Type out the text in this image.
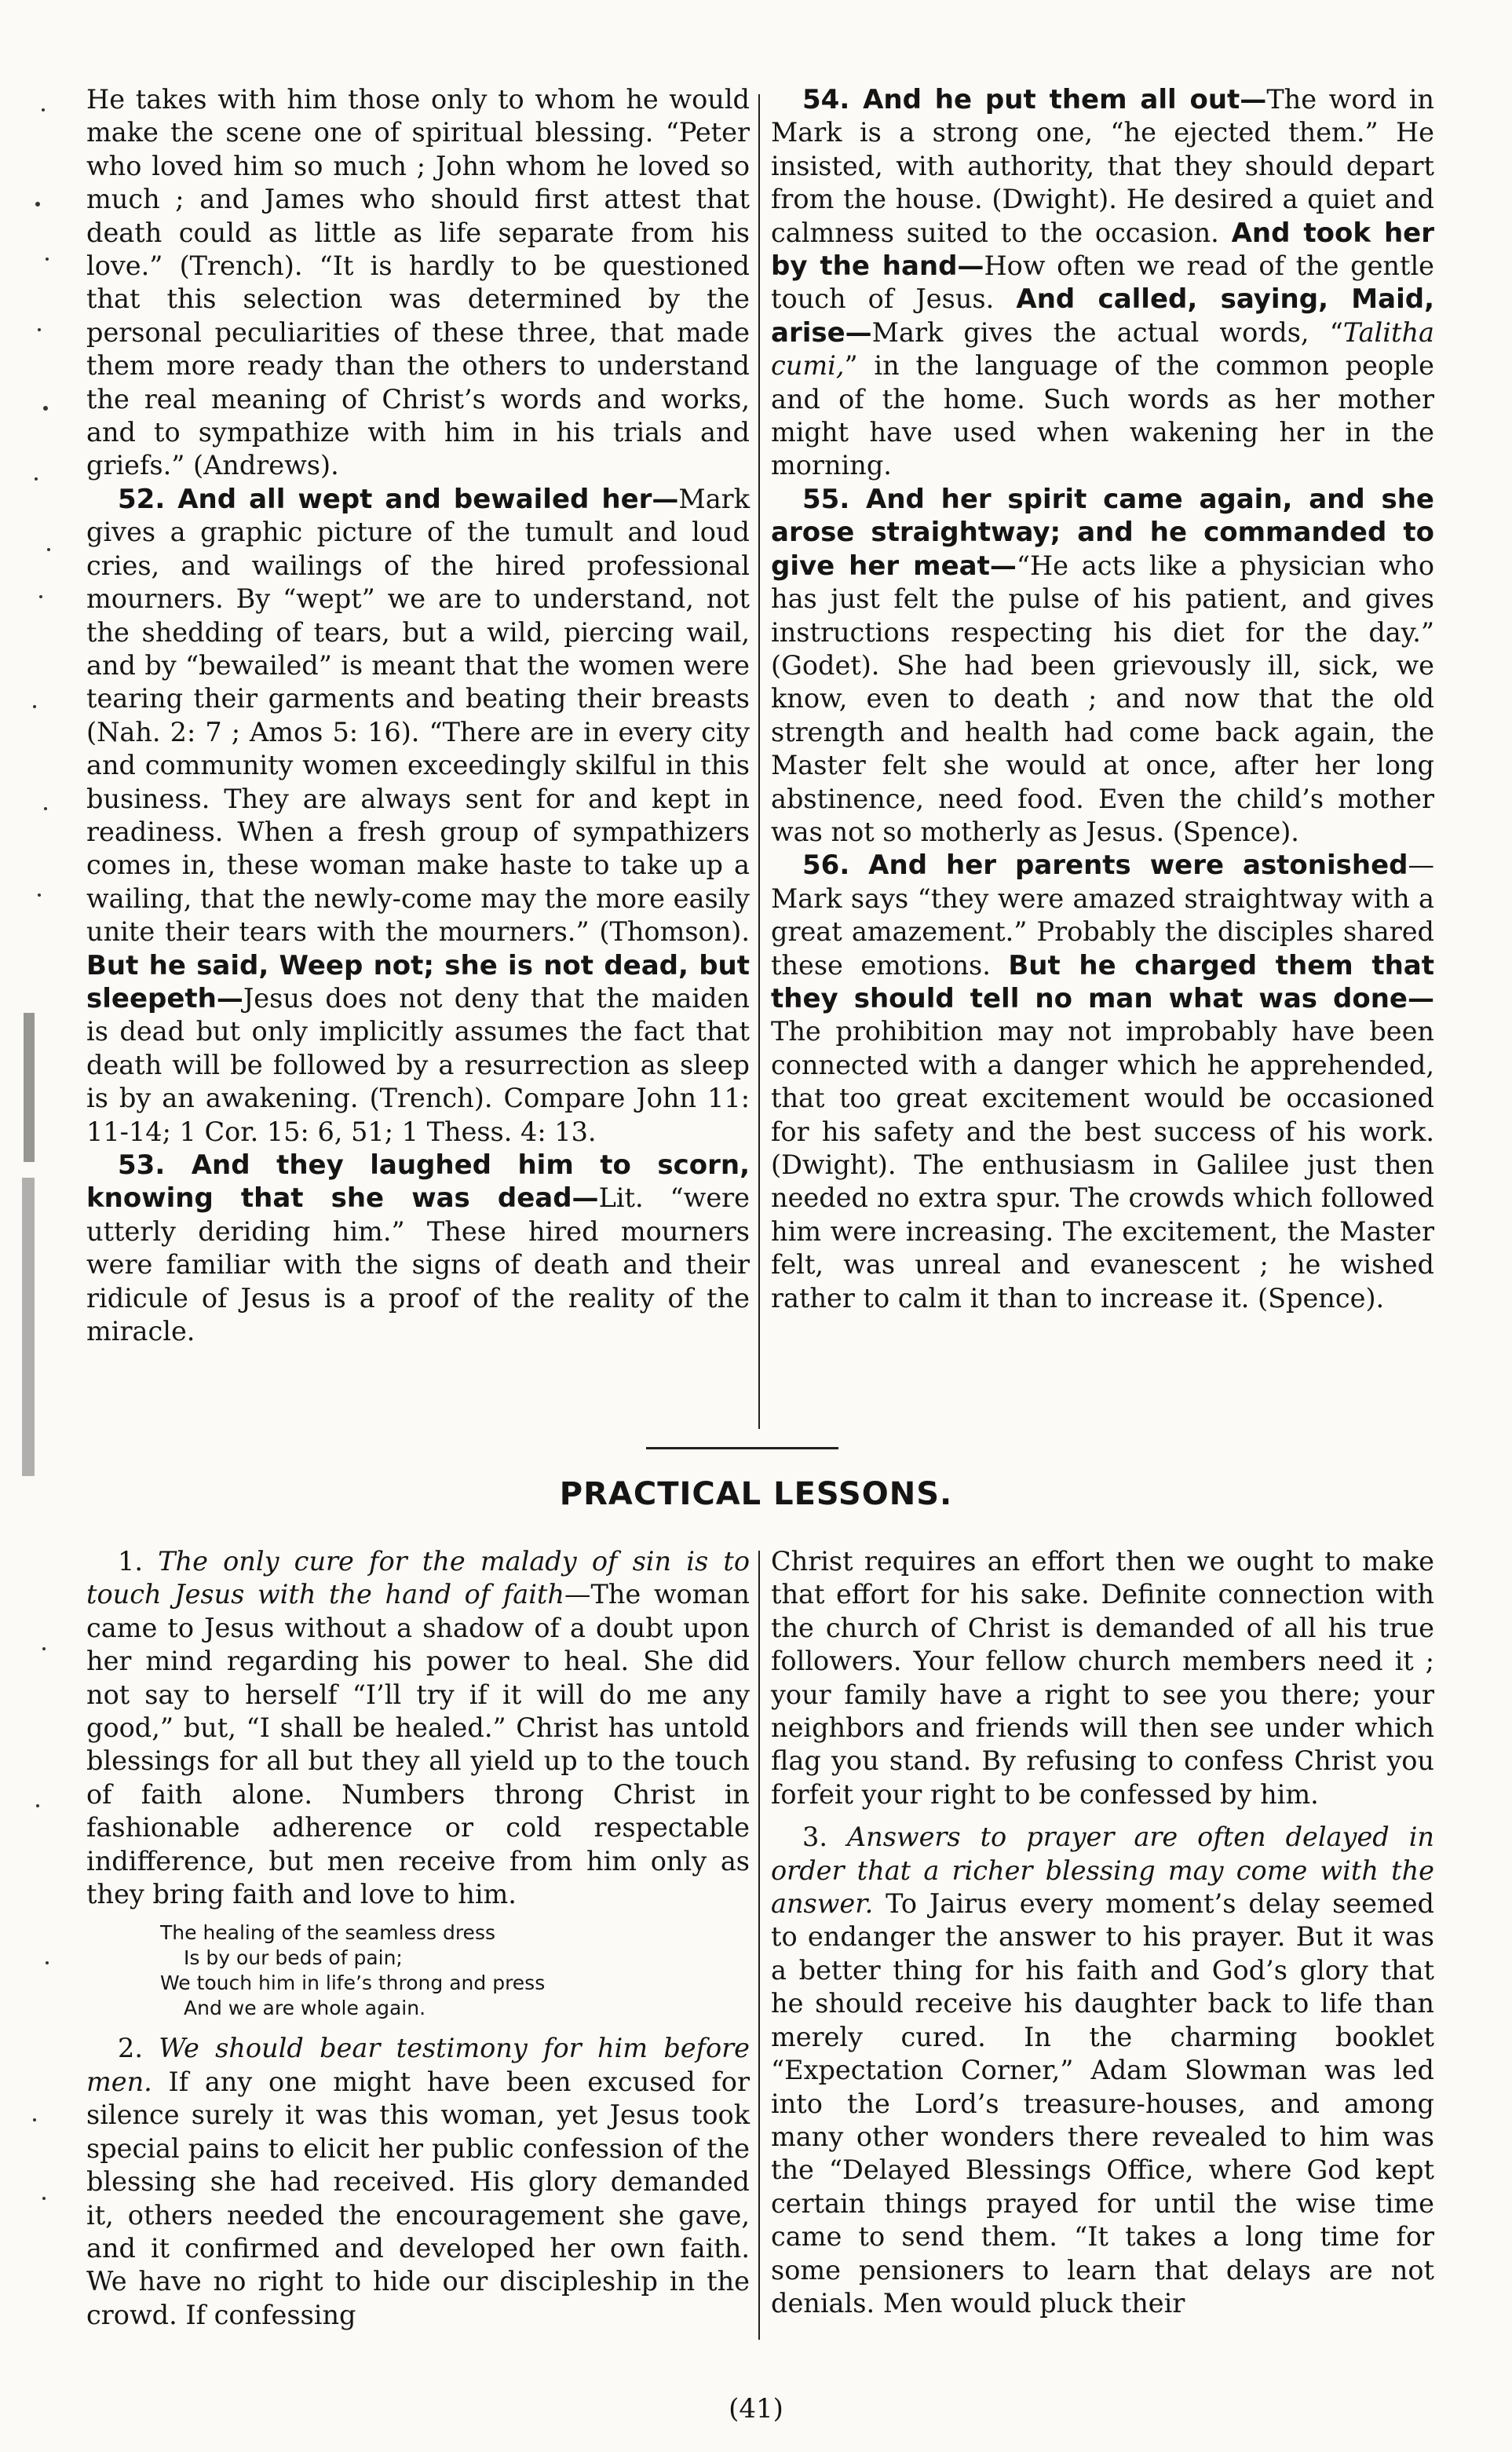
He takes with him those only to whom he would make the scene one of spiritual blessing. “Peter who loved him so much ; John whom he loved so much ; and James who should first attest that death could as little as life separate from his love.” (Trench). “It is hardly to be questioned that this selection was determined by the personal peculiarities of these three, that made them more ready than the others to understand the real meaning of Christ’s words and works, and to sympathize with him in his trials and griefs.” (Andrews).

52. And all wept and bewailed her—Mark gives a graphic picture of the tumult and loud cries, and wailings of the hired professional mourners. By “wept” we are to understand, not the shedding of tears, but a wild, piercing wail, and by “bewailed” is meant that the women were tearing their garments and beating their breasts (Nah. 2: 7 ; Amos 5: 16). “There are in every city and community women exceedingly skilful in this business. They are always sent for and kept in readiness. When a fresh group of sympathizers comes in, these woman make haste to take up a wailing, that the newly-come may the more easily unite their tears with the mourners.” (Thomson). But he said, Weep not; she is not dead, but sleepeth—Jesus does not deny that the maiden is dead but only implicitly assumes the fact that death will be followed by a resurrection as sleep is by an awakening. (Trench). Compare John 11: 11-14; 1 Cor. 15: 6, 51; 1 Thess. 4: 13.

53. And they laughed him to scorn, knowing that she was dead—Lit. “were utterly deriding him.” These hired mourners were familiar with the signs of death and their ridicule of Jesus is a proof of the reality of the miracle.

54. And he put them all out—The word in Mark is a strong one, “he ejected them.” He insisted, with authority, that they should depart from the house. (Dwight). He desired a quiet and calmness suited to the occasion. And took her by the hand—How often we read of the gentle touch of Jesus. And called, saying, Maid, arise—Mark gives the actual words, “Talitha cumi,” in the language of the common people and of the home. Such words as her mother might have used when wakening her in the morning.

55. And her spirit came again, and she arose straightway; and he commanded to give her meat—“He acts like a physician who has just felt the pulse of his patient, and gives instructions respecting his diet for the day.” (Godet). She had been grievously ill, sick, we know, even to death ; and now that the old strength and health had come back again, the Master felt she would at once, after her long abstinence, need food. Even the child’s mother was not so motherly as Jesus. (Spence).

56. And her parents were astonished—Mark says “they were amazed straightway with a great amazement.” Probably the disciples shared these emotions. But he charged them that they should tell no man what was done—The prohibition may not improbably have been connected with a danger which he apprehended, that too great excitement would be occasioned for his safety and the best success of his work. (Dwight). The enthusiasm in Galilee just then needed no extra spur. The crowds which followed him were increasing. The excitement, the Master felt, was unreal and evanescent ; he wished rather to calm it than to increase it. (Spence).

PRACTICAL LESSONS.

1. The only cure for the malady of sin is to touch Jesus with the hand of faith—The woman came to Jesus without a shadow of a doubt upon her mind regarding his power to heal. She did not say to herself “I’ll try if it will do me any good,” but, “I shall be healed.” Christ has untold blessings for all but they all yield up to the touch of faith alone. Numbers throng Christ in fashionable adherence or cold respectable indifference, but men receive from him only as they bring faith and love to him.

The healing of the seamless dress
Is by our beds of pain;
We touch him in life’s throng and press
And we are whole again.

2. We should bear testimony for him before men. If any one might have been excused for silence surely it was this woman, yet Jesus took special pains to elicit her public confession of the blessing she had received. His glory demanded it, others needed the encouragement she gave, and it confirmed and developed her own faith. We have no right to hide our discipleship in the crowd. If confessing

Christ requires an effort then we ought to make that effort for his sake. Definite connection with the church of Christ is demanded of all his true followers. Your fellow church members need it ; your family have a right to see you there; your neighbors and friends will then see under which flag you stand. By refusing to confess Christ you forfeit your right to be confessed by him.

3. Answers to prayer are often delayed in order that a richer blessing may come with the answer. To Jairus every moment’s delay seemed to endanger the answer to his prayer. But it was a better thing for his faith and God’s glory that he should receive his daughter back to life than merely cured. In the charming booklet “Expectation Corner,” Adam Slowman was led into the Lord’s treasure-houses, and among many other wonders there revealed to him was the “Delayed Blessings Office, where God kept certain things prayed for until the wise time came to send them. “It takes a long time for some pensioners to learn that delays are not denials. Men would pluck their

(41)
